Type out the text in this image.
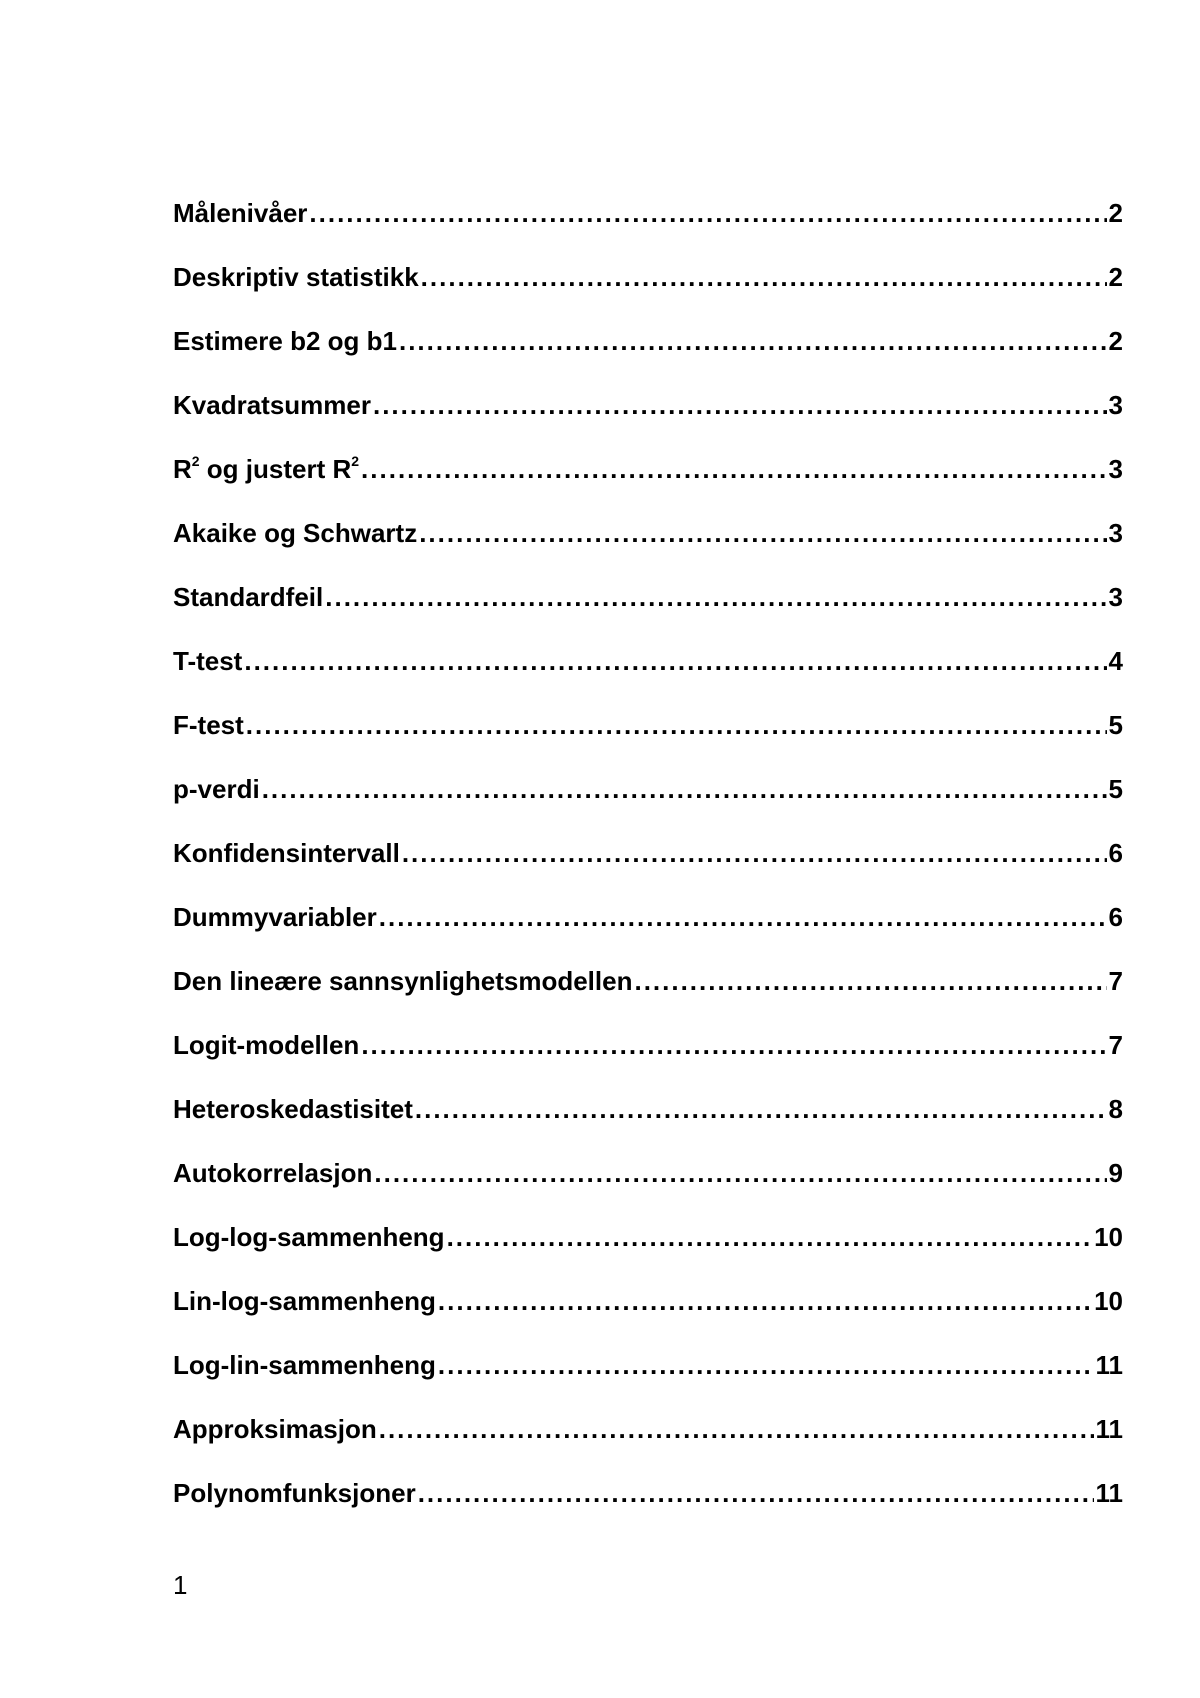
Målenivåer .....	2
Deskriptiv statistikk .....	2
Estimere b2 og b1 .....	2
Kvadratsummer .....	3
$R^2$ og justert $R^2$ .....	3
Akaike og Schwartz .....	3
Standardfeil .....	3
T-test .....	4
F-test .....	5
p-verdi .....	5
Konfidensintervall .....	6
Dummyvariabler .....	6
Den lineære sannsynlighetsmodellen .....	7
Logit-modellen .....	7
Heteroskedastisitet .....	8
Autokorrelasjon .....	9
Log-log-sammenheng .....	10
Lin-log-sammenheng .....	10
Log-lin-sammenheng .....	11
Approksimasjon .....	11
Polynomfunksjoner .....	11
1
